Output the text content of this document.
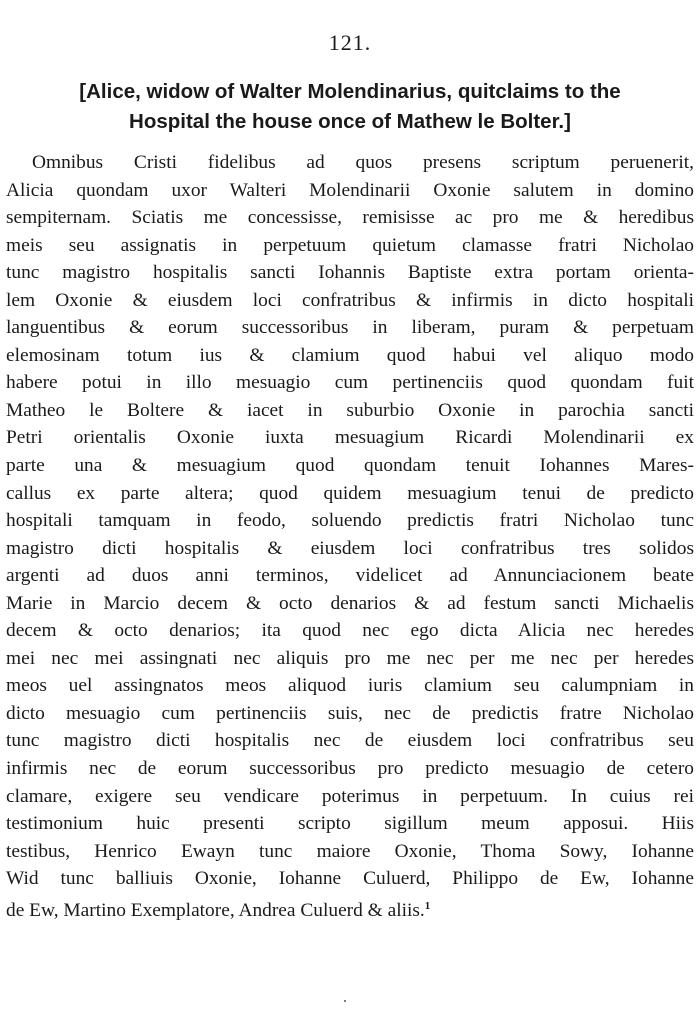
121.
[Alice, widow of Walter Molendinarius, quitclaims to the
Hospital the house once of Mathew le Bolter.]
Omnibus Cristi fidelibus ad quos presens scriptum peruenerit,
Alicia quondam uxor Walteri Molendinarii Oxonie salutem in domino
sempiternam. Sciatis me concessisse, remisisse ac pro me & heredibus
meis seu assignatis in perpetuum quietum clamasse fratri Nicholao
tunc magistro hospitalis sancti Iohannis Baptiste extra portam orienta-
lem Oxonie & eiusdem loci confratribus & infirmis in dicto hospitali
languentibus & eorum successoribus in liberam, puram & perpetuam
elemosinam totum ius & clamium quod habui vel aliquo modo
habere potui in illo mesuagio cum pertinenciis quod quondam fuit
Matheo le Boltere & iacet in suburbio Oxonie in parochia sancti
Petri orientalis Oxonie iuxta mesuagium Ricardi Molendinarii ex
parte una & mesuagium quod quondam tenuit Iohannes Mares-
callus ex parte altera; quod quidem mesuagium tenui de predicto
hospitali tamquam in feodo, soluendo predictis fratri Nicholao tunc
magistro dicti hospitalis & eiusdem loci confratribus tres solidos
argenti ad duos anni terminos, videlicet ad Annunciacionem beate
Marie in Marcio decem & octo denarios & ad festum sancti Michaelis
decem & octo denarios; ita quod nec ego dicta Alicia nec heredes
mei nec mei assingnati nec aliquis pro me nec per me nec per heredes
meos uel assingnatos meos aliquod iuris clamium seu calumpniam in
dicto mesuagio cum pertinenciis suis, nec de predictis fratre Nicholao
tunc magistro dicti hospitalis nec de eiusdem loci confratribus seu
infirmis nec de eorum successoribus pro predicto mesuagio de cetero
clamare, exigere seu vendicare poterimus in perpetuum. In cuius rei
testimonium huic presenti scripto sigillum meum apposui. Hiis
testibus, Henrico Ewayn tunc maiore Oxonie, Thoma Sowy, Iohanne
Wid tunc balliuis Oxonie, Iohanne Culuerd, Philippo de Ew, Iohanne
de Ew, Martino Exemplatore, Andrea Culuerd & aliis.$^1$
